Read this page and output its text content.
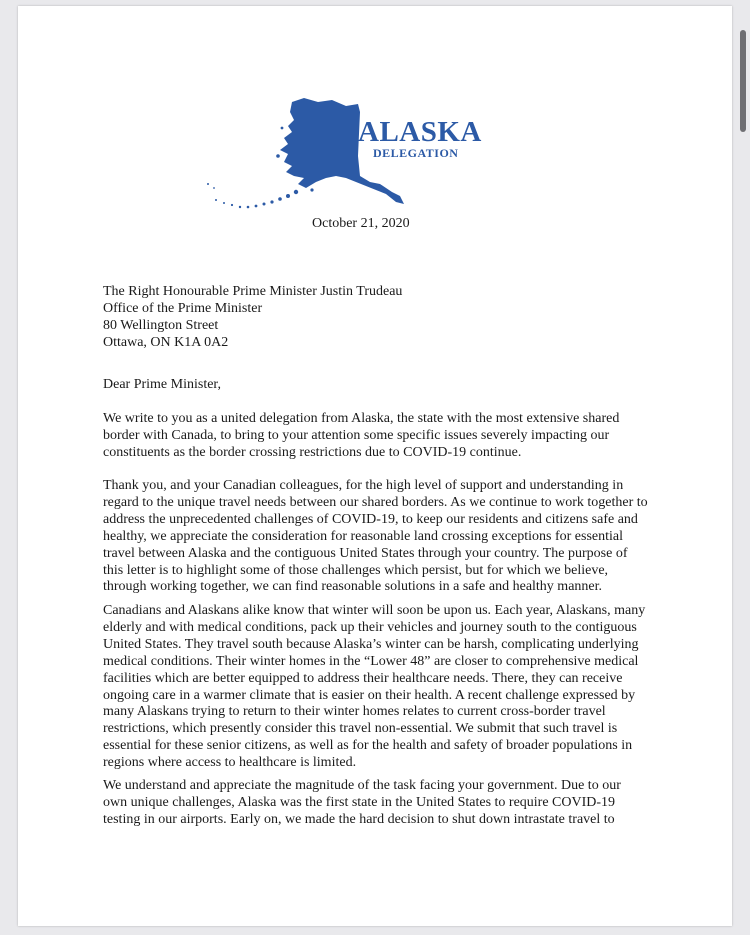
ALASKA
DELEGATION
October 21, 2020
The Right Honourable Prime Minister Justin Trudeau
Office of the Prime Minister
80 Wellington Street
Ottawa, ON K1A 0A2
Dear Prime Minister,
We write to you as a united delegation from Alaska, the state with the most extensive shared
border with Canada, to bring to your attention some specific issues severely impacting our
constituents as the border crossing restrictions due to COVID-19 continue.
Thank you, and your Canadian colleagues, for the high level of support and understanding in
regard to the unique travel needs between our shared borders. As we continue to work together to
address the unprecedented challenges of COVID-19, to keep our residents and citizens safe and
healthy, we appreciate the consideration for reasonable land crossing exceptions for essential
travel between Alaska and the contiguous United States through your country. The purpose of
this letter is to highlight some of those challenges which persist, but for which we believe,
through working together, we can find reasonable solutions in a safe and healthy manner.
Canadians and Alaskans alike know that winter will soon be upon us. Each year, Alaskans, many
elderly and with medical conditions, pack up their vehicles and journey south to the contiguous
United States. They travel south because Alaska’s winter can be harsh, complicating underlying
medical conditions. Their winter homes in the “Lower 48” are closer to comprehensive medical
facilities which are better equipped to address their healthcare needs. There, they can receive
ongoing care in a warmer climate that is easier on their health. A recent challenge expressed by
many Alaskans trying to return to their winter homes relates to current cross-border travel
restrictions, which presently consider this travel non-essential. We submit that such travel is
essential for these senior citizens, as well as for the health and safety of broader populations in
regions where access to healthcare is limited.
We understand and appreciate the magnitude of the task facing your government. Due to our
own unique challenges, Alaska was the first state in the United States to require COVID-19
testing in our airports. Early on, we made the hard decision to shut down intrastate travel to
